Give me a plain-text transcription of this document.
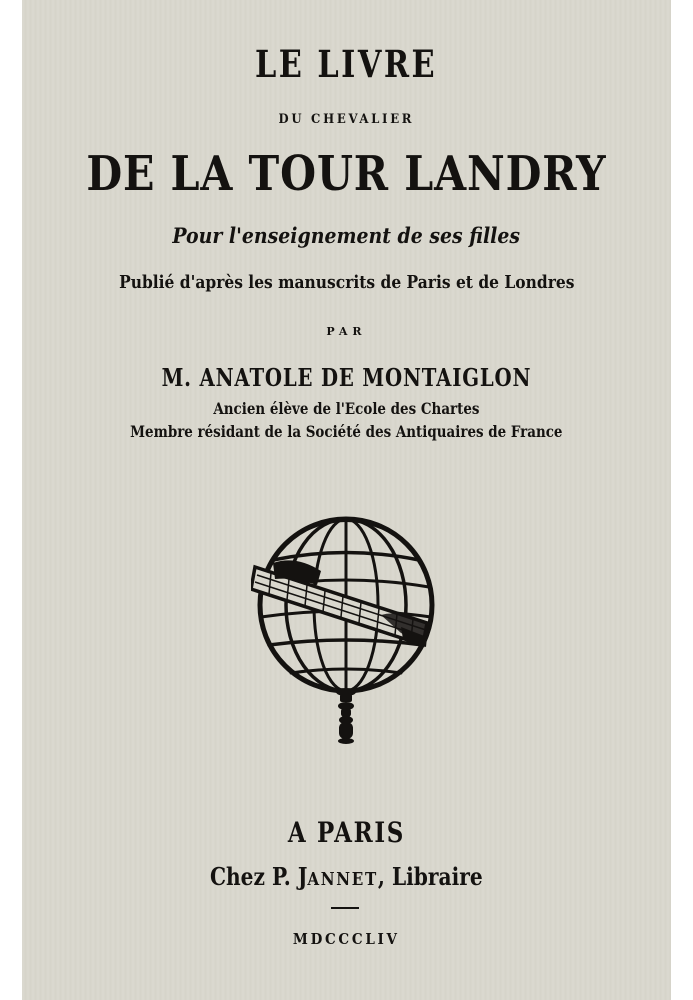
LE LIVRE
DU CHEVALIER
DE LA TOUR LANDRY
Pour l'enseignement de ses filles
Publié d'après les manuscrits de Paris et de Londres
PAR
M. ANATOLE DE MONTAIGLON
Ancien élève de l'Ecole des Chartes
Membre résidant de la Société des Antiquaires de France
A PARIS
Chez P. JANNET, Libraire
MDCCCLIV
